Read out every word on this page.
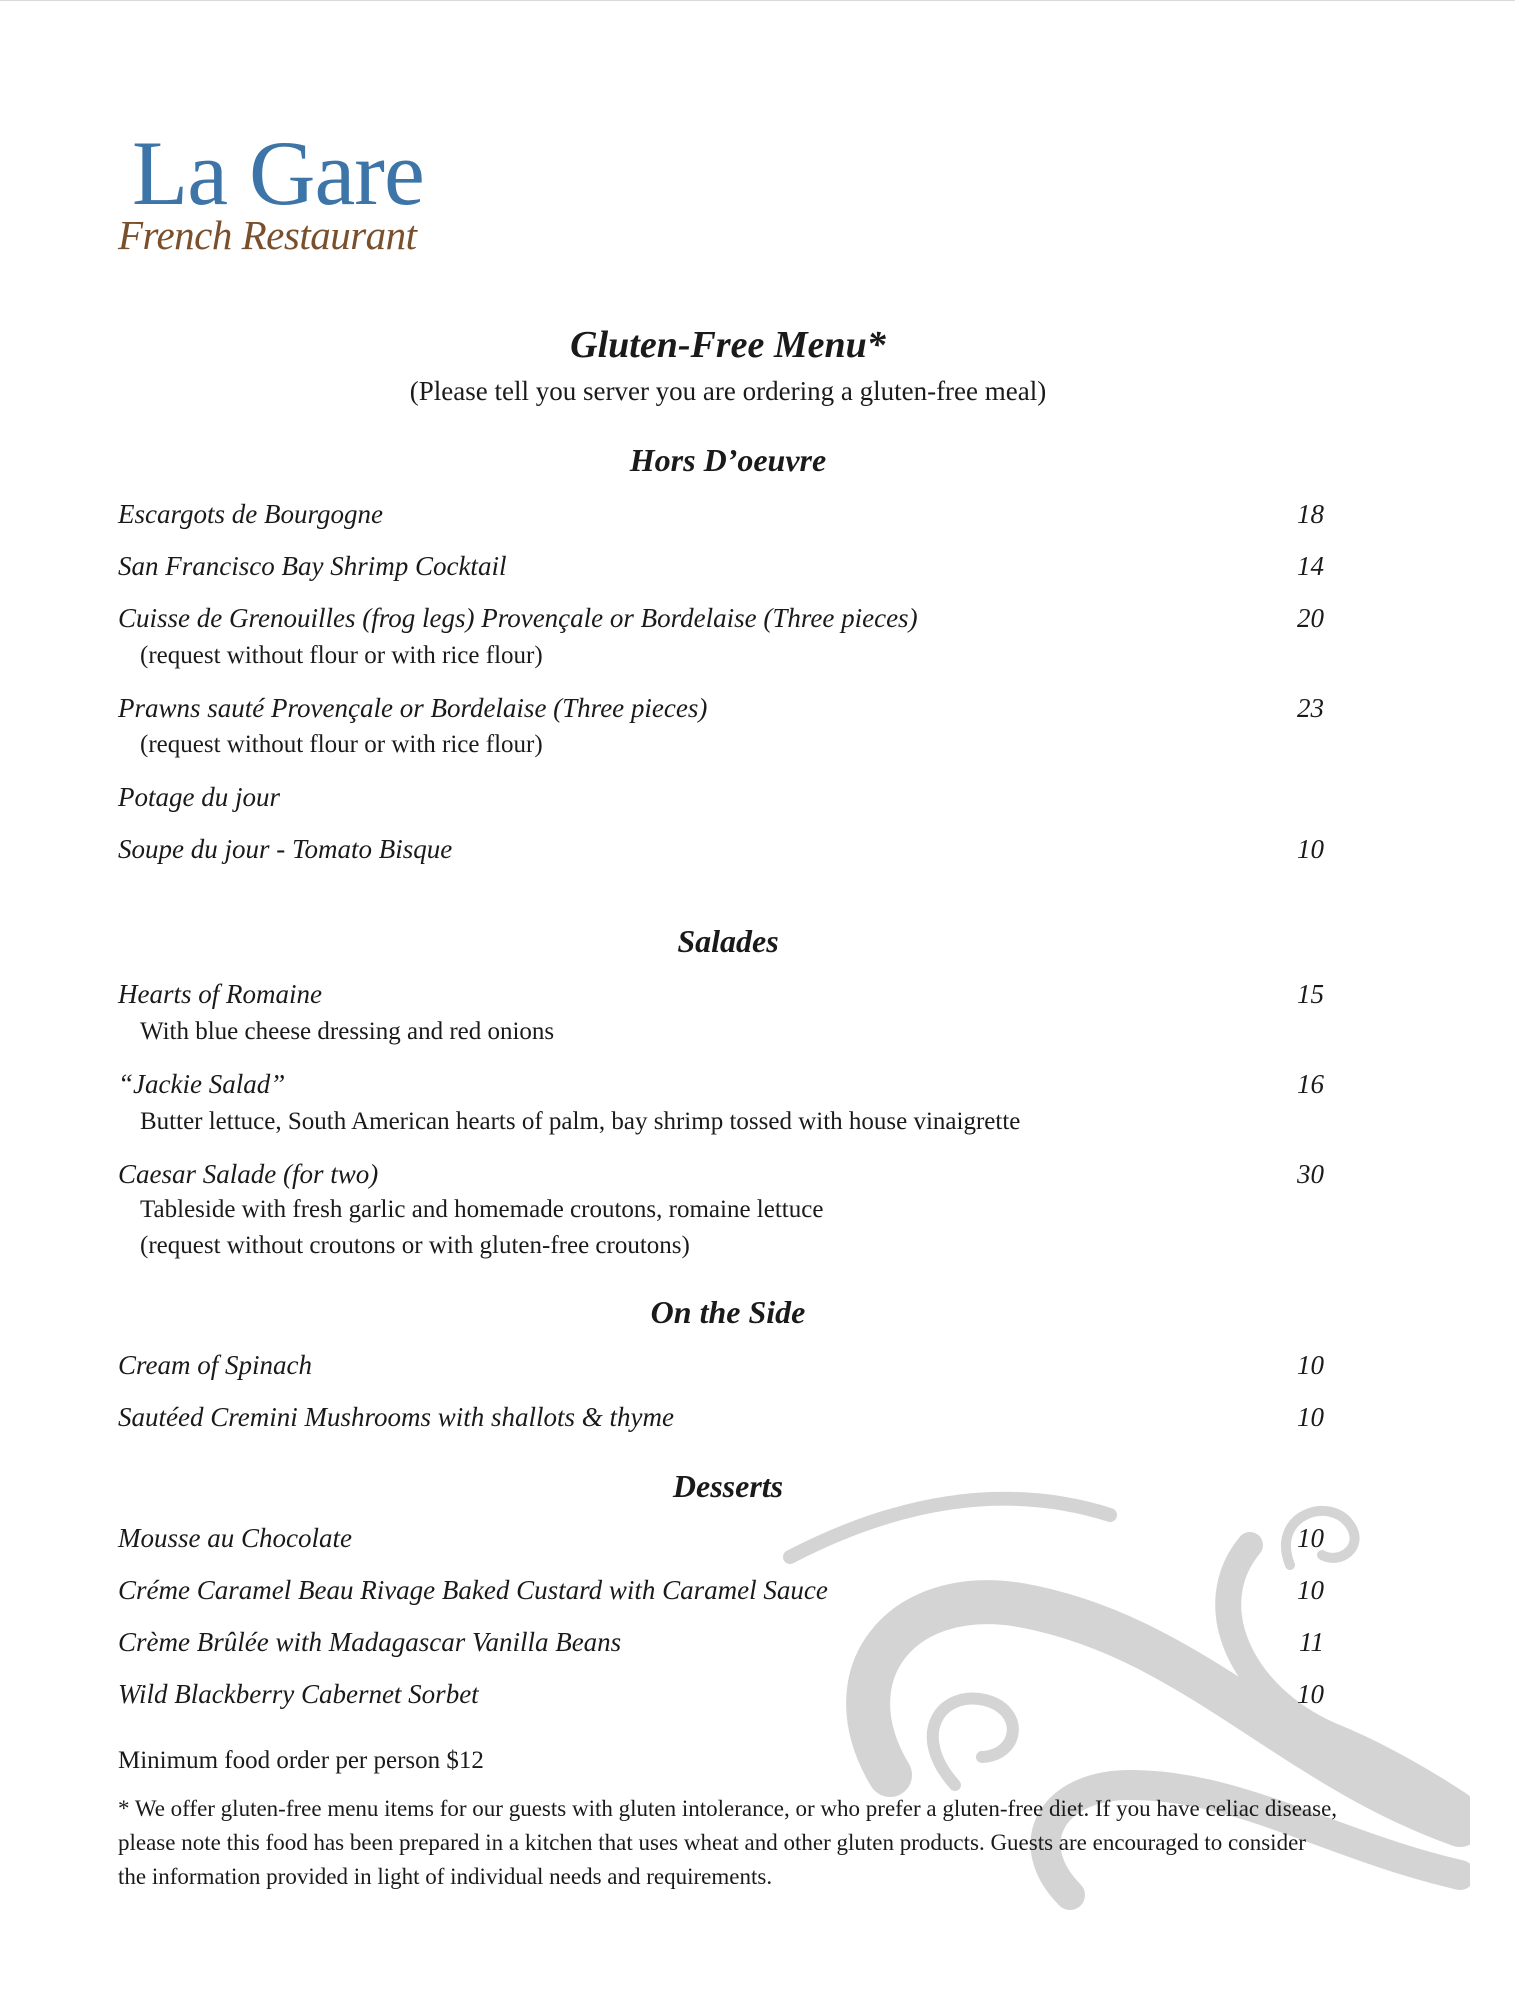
La Gare
French Restaurant
Gluten-Free Menu*
(Please tell you server you are ordering a gluten-free meal)
Hors D’oeuvre
Escargots de Bourgogne	18
San Francisco Bay Shrimp Cocktail	14
Cuisse de Grenouilles (frog legs) Provençale or Bordelaise (Three pieces)	20
(request without flour or with rice flour)
Prawns sauté Provençale or Bordelaise (Three pieces)	23
(request without flour or with rice flour)
Potage du jour
Soupe du jour - Tomato Bisque	10
Salades
Hearts of Romaine	15
With blue cheese dressing and red onions
“Jackie Salad”	16
Butter lettuce, South American hearts of palm, bay shrimp tossed with house vinaigrette
Caesar Salade (for two)	30
Tableside with fresh garlic and homemade croutons, romaine lettuce
(request without croutons or with gluten-free croutons)
On the Side
Cream of Spinach	10
Sautéed Cremini Mushrooms with shallots & thyme	10
Desserts
Mousse au Chocolate	10
Créme Caramel Beau Rivage Baked Custard with Caramel Sauce	10
Crème Brûlée with Madagascar Vanilla Beans	11
Wild Blackberry Cabernet Sorbet	10
Minimum food order per person $12
* We offer gluten-free menu items for our guests with gluten intolerance, or who prefer a gluten-free diet. If you have celiac disease, please note this food has been prepared in a kitchen that uses wheat and other gluten products. Guests are encouraged to consider the information provided in light of individual needs and requirements.
